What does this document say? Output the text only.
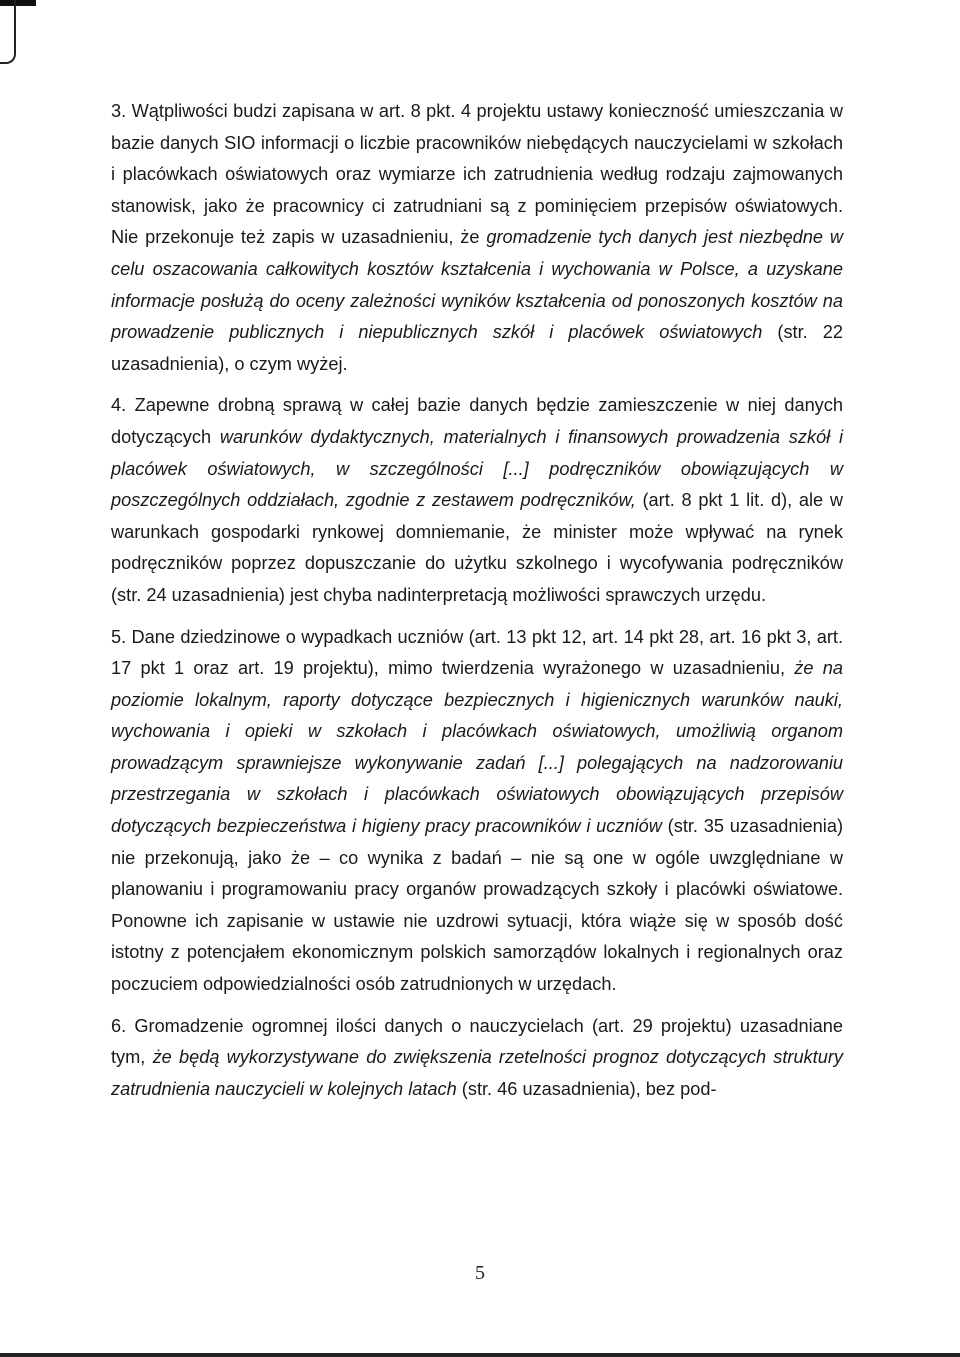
3. Wątpliwości budzi zapisana w art. 8 pkt. 4 projektu ustawy konieczność umieszczania w bazie danych SIO informacji o liczbie pracowników niebędących nauczycielami w szkołach i placówkach oświatowych oraz wymiarze ich zatrudnienia według rodzaju zajmowanych stanowisk, jako że pracownicy ci zatrudniani są z pominięciem przepisów oświatowych. Nie przekonuje też zapis w uzasadnieniu, że gromadzenie tych danych jest niezbędne w celu oszacowania całkowitych kosztów kształcenia i wychowania w Polsce, a uzyskane informacje posłużą do oceny zależności wyników kształcenia od ponoszonych kosztów na prowadzenie publicznych i niepublicznych szkół i placówek oświatowych (str. 22 uzasadnienia), o czym wyżej.

4. Zapewne drobną sprawą w całej bazie danych będzie zamieszczenie w niej danych dotyczących warunków dydaktycznych, materialnych i finansowych prowadzenia szkół i placówek oświatowych, w szczególności [...] podręczników obowiązujących w poszczególnych oddziałach, zgodnie z zestawem podręczników, (art. 8 pkt 1 lit. d), ale w warunkach gospodarki rynkowej domniemanie, że minister może wpływać na rynek podręczników poprzez dopuszczanie do użytku szkolnego i wycofywania podręczników (str. 24 uzasadnienia) jest chyba nadinterpretacją możliwości sprawczych urzędu.

5. Dane dziedzinowe o wypadkach uczniów (art. 13 pkt 12, art. 14 pkt 28, art. 16 pkt 3, art. 17 pkt 1 oraz art. 19 projektu), mimo twierdzenia wyrażonego w uzasadnieniu, że na poziomie lokalnym, raporty dotyczące bezpiecznych i higienicznych warunków nauki, wychowania i opieki w szkołach i placówkach oświatowych, umożliwią organom prowadzącym sprawniejsze wykonywanie zadań [...] polegających na nadzorowaniu przestrzegania w szkołach i placówkach oświatowych obowiązujących przepisów dotyczących bezpieczeństwa i higieny pracy pracowników i uczniów (str. 35 uzasadnienia) nie przekonują, jako że – co wynika z badań – nie są one w ogóle uwzględniane w planowaniu i programowaniu pracy organów prowadzących szkoły i placówki oświatowe. Ponowne ich zapisanie w ustawie nie uzdrowi sytuacji, która wiąże się w sposób dość istotny z potencjałem ekonomicznym polskich samorządów lokalnych i regionalnych oraz poczuciem odpowiedzialności osób zatrudnionych w urzędach.

6. Gromadzenie ogromnej ilości danych o nauczycielach (art. 29 projektu) uzasadniane tym, że będą wykorzystywane do zwiększenia rzetelności prognoz dotyczących struktury zatrudnienia nauczycieli w kolejnych latach (str. 46 uzasadnienia), bez pod-

5
